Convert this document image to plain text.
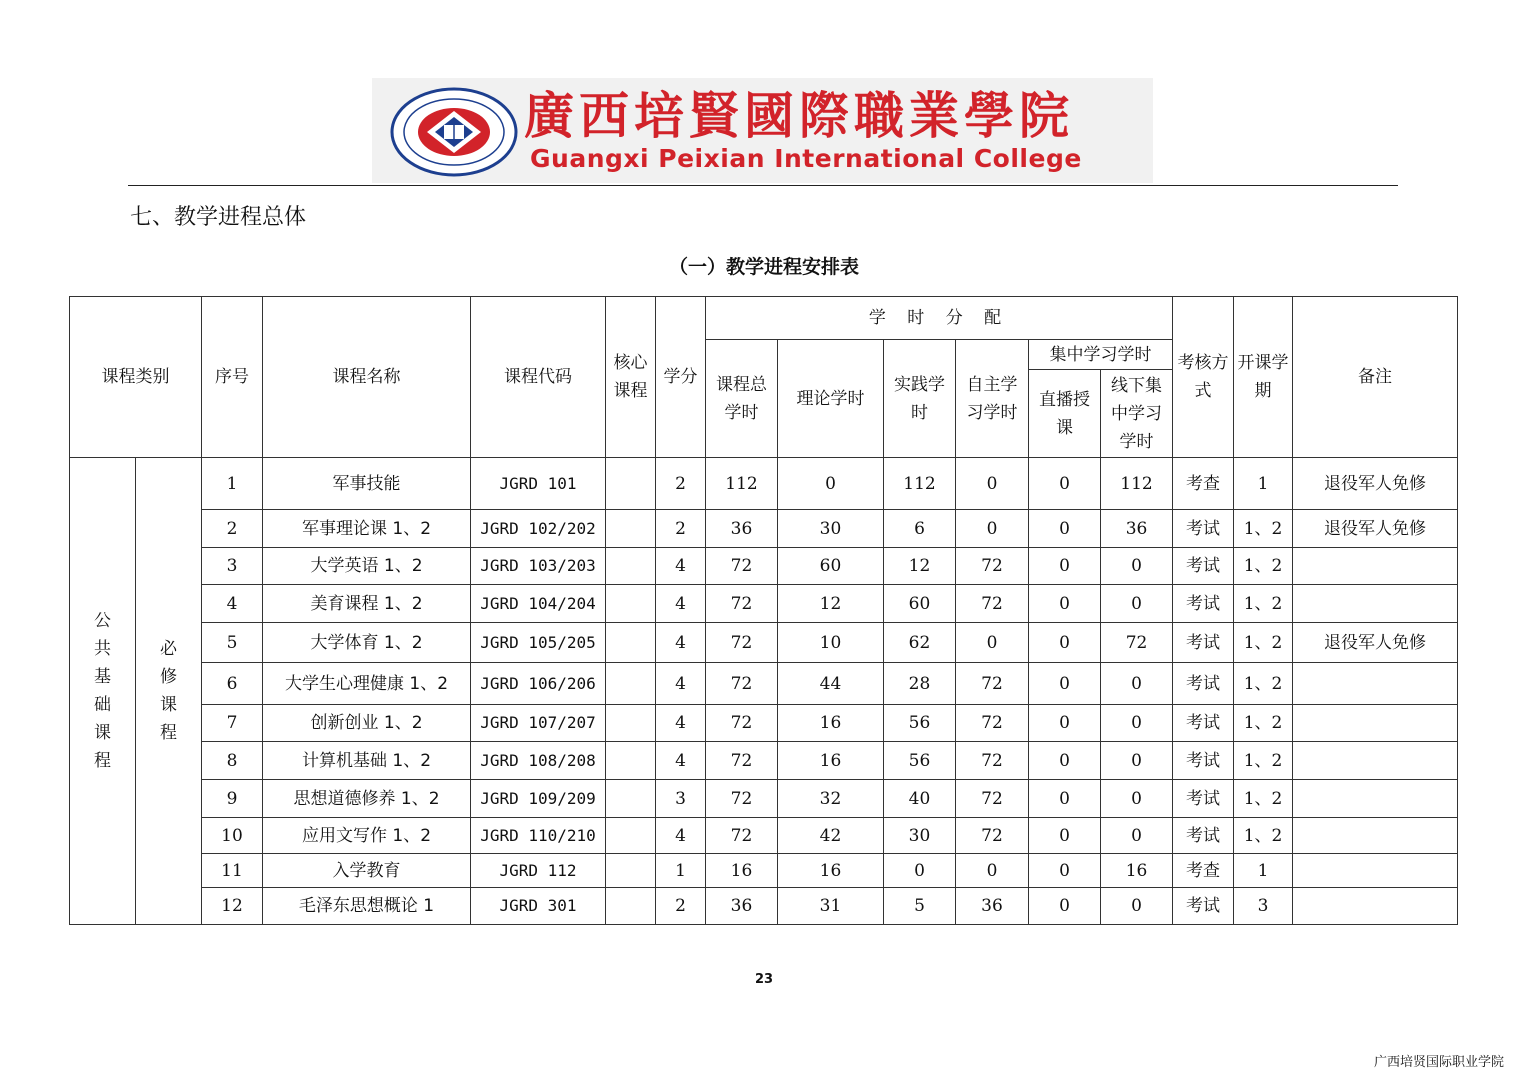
廣西培賢國際職業學院
Guangxi Peixian International College
七、教学进程总体
（一）教学进程安排表
课程类别		序号	课程名称	课程代码	核心课程	学分	学 时 分 配						考核方式	开课学期	备注
							课程总学时	理论学时	实践学时	自主学习学时	集中学习学时				
											直播授课	线下集中学习学时			
公共基础课程	必修课程	1	军事技能	JGRD 101		2	112	0	112	0	0	112	考查	1	退役军人免修
		2	军事理论课 1、2	JGRD 102/202		2	36	30	6	0	0	36	考试	1、2	退役军人免修
		3	大学英语 1、2	JGRD 103/203		4	72	60	12	72	0	0	考试	1、2	
		4	美育课程 1、2	JGRD 104/204		4	72	12	60	72	0	0	考试	1、2	
		5	大学体育 1、2	JGRD 105/205		4	72	10	62	0	0	72	考试	1、2	退役军人免修
		6	大学生心理健康 1、2	JGRD 106/206		4	72	44	28	72	0	0	考试	1、2	
		7	创新创业 1、2	JGRD 107/207		4	72	16	56	72	0	0	考试	1、2	
		8	计算机基础 1、2	JGRD 108/208		4	72	16	56	72	0	0	考试	1、2	
		9	思想道德修养 1、2	JGRD 109/209		3	72	32	40	72	0	0	考试	1、2	
		10	应用文写作 1、2	JGRD 110/210		4	72	42	30	72	0	0	考试	1、2	
		11	入学教育	JGRD 112		1	16	16	0	0	0	16	考查	1	
		12	毛泽东思想概论 1	JGRD 301		2	36	31	5	36	0	0	考试	3	
23
广西培贤国际职业学院
